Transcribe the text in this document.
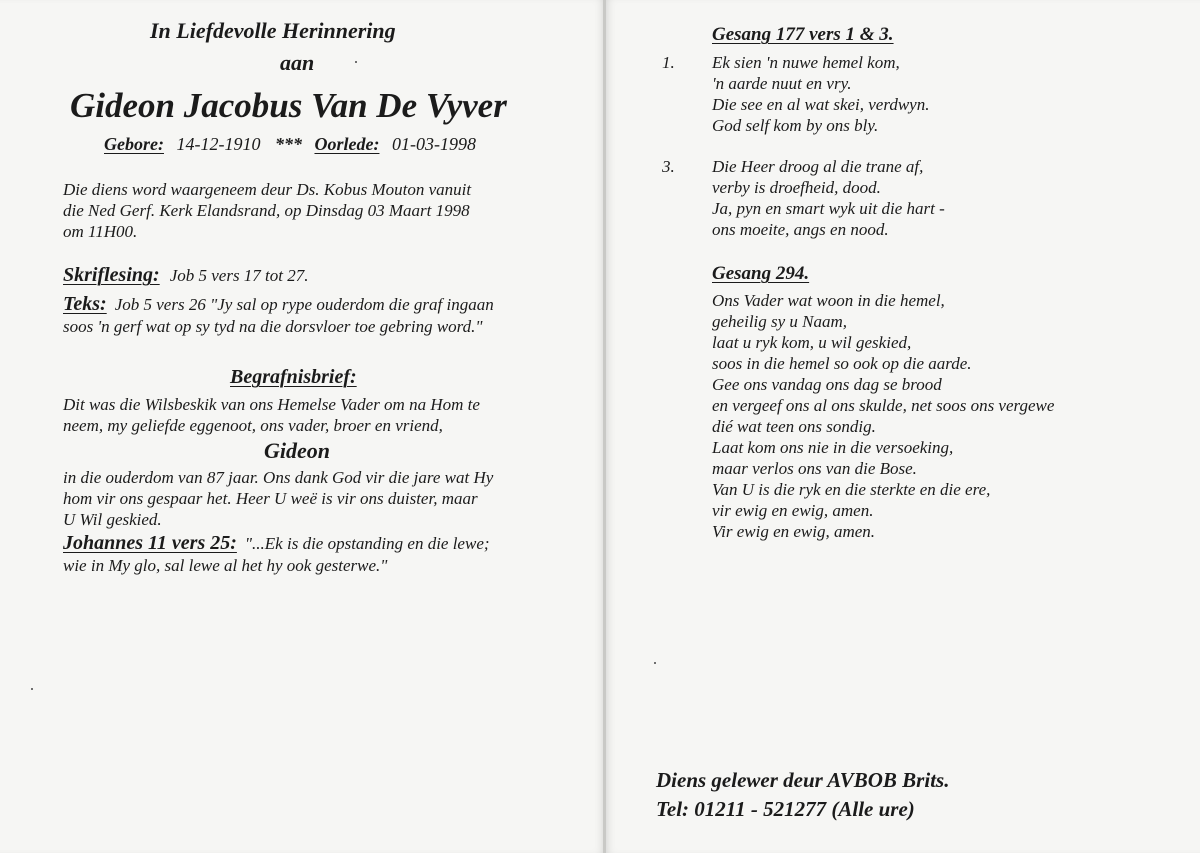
In Liefdevolle Herinnering
aan
Gideon Jacobus Van De Vyver
Gebore: 14-12-1910 *** Oorlede: 01-03-1998
Die diens word waargeneem deur Ds. Kobus Mouton vanuit
die Ned Gerf. Kerk Elandsrand, op Dinsdag 03 Maart 1998
om 11H00.
Skriflesing: Job 5 vers 17 tot 27.
Teks: Job 5 vers 26 "Jy sal op rype ouderdom die graf ingaan
soos 'n gerf wat op sy tyd na die dorsvloer toe gebring word."
Begrafnisbrief:
Dit was die Wilsbeskik van ons Hemelse Vader om na Hom te
neem, my geliefde eggenoot, ons vader, broer en vriend,
Gideon
in die ouderdom van 87 jaar. Ons dank God vir die jare wat Hy
hom vir ons gespaar het. Heer U weë is vir ons duister, maar
U Wil geskied.
Johannes 11 vers 25: "...Ek is die opstanding en die lewe;
wie in My glo, sal lewe al het hy ook gesterwe."
Gesang 177 vers 1 & 3.
1. Ek sien 'n nuwe hemel kom,
'n aarde nuut en vry.
Die see en al wat skei, verdwyn.
God self kom by ons bly.
3. Die Heer droog al die trane af,
verby is droefheid, dood.
Ja, pyn en smart wyk uit die hart -
ons moeite, angs en nood.
Gesang 294.
Ons Vader wat woon in die hemel,
geheilig sy u Naam,
laat u ryk kom, u wil geskied,
soos in die hemel so ook op die aarde.
Gee ons vandag ons dag se brood
en vergeef ons al ons skulde, net soos ons vergewe
dié wat teen ons sondig.
Laat kom ons nie in die versoeking,
maar verlos ons van die Bose.
Van U is die ryk en die sterkte en die ere,
vir ewig en ewig, amen.
Vir ewig en ewig, amen.
Diens gelewer deur AVBOB Brits.
Tel: 01211 - 521277 (Alle ure)
